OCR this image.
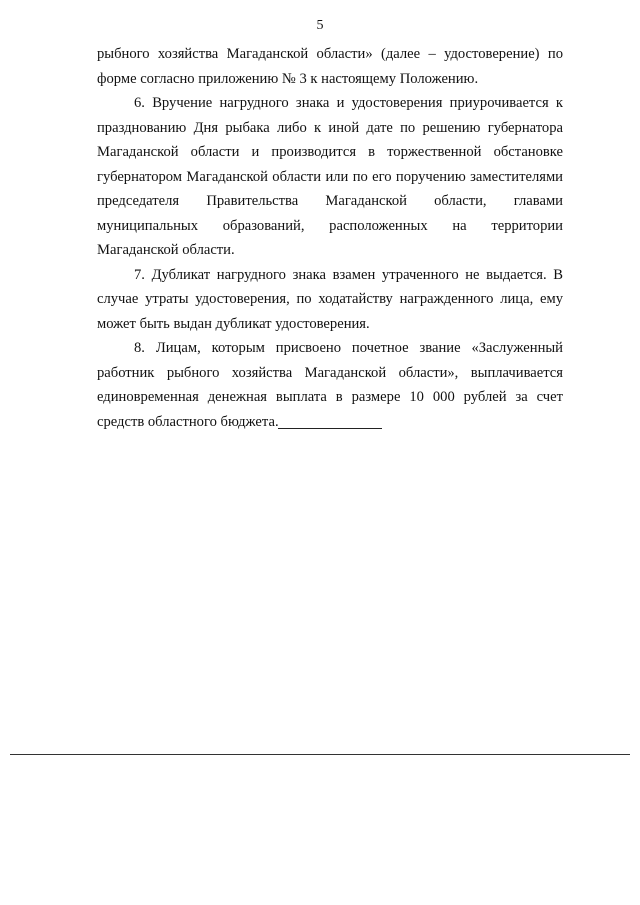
5

рыбного хозяйства Магаданской области» (далее – удостоверение) по форме согласно приложению № 3 к настоящему Положению.

6. Вручение нагрудного знака и удостоверения приурочивается к празднованию Дня рыбака либо к иной дате по решению губернатора Магаданской области и производится в торжественной обстановке губернатором Магаданской области или по его поручению заместителями председателя Правительства Магаданской области, главами муниципальных образований, расположенных на территории Магаданской области.

7. Дубликат нагрудного знака взамен утраченного не выдается. В случае утраты удостоверения, по ходатайству награжденного лица, ему может быть выдан дубликат удостоверения.

8. Лицам, которым присвоено почетное звание «Заслуженный работник рыбного хозяйства Магаданской области», выплачивается единовременная денежная выплата в размере 10 000 рублей за счет средств областного бюджета.
